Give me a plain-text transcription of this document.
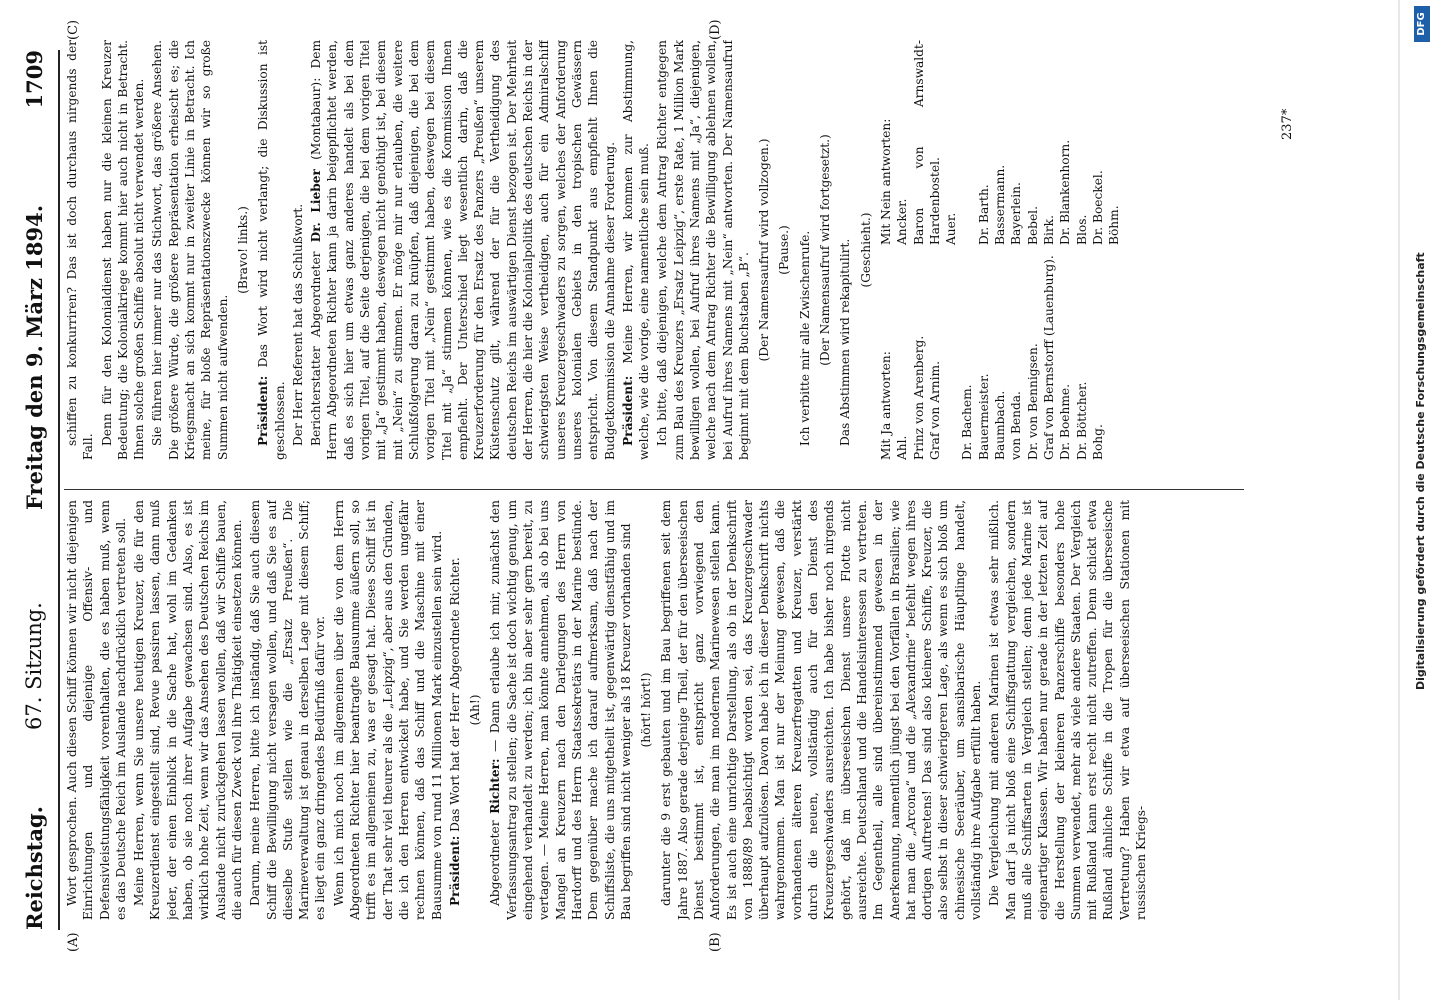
Reichstag.
67. Sitzung.
Freitag den 9. März 1894.
1709
(A)	(B)
(C)	(D)

Wort gesprochen. Auch diesen Schiff können wir nicht diejenigen Einrichtungen und diejenige Offensiv- und Defensivleistungsfähigkeit vorenthalten, die es haben muß, wenn es das Deutsche Reich im Auslande nachdrücklich vertreten soll. Meine Herren, wenn Sie unsere heutigen Kreuzer, die für den Kreuzerdienst eingestellt sind, Revue passiren lassen, dann muß jeder, der einen Einblick in die Sache hat, wohl im Gedanken haben, ob sie noch ihrer Aufgabe gewachsen sind. Also, es ist wirklich hohe Zeit, wenn wir das Ansehen des Deutschen Reichs im Auslande nicht zurückgehen lassen wollen, daß wir Schiffe bauen, die auch für diesen Zweck voll ihre Thätigkeit einsetzen können. Darum, meine Herren, bitte ich inständig, daß Sie auch diesem Schiff die Bewilligung nicht versagen wollen, und daß Sie es auf dieselbe Stufe stellen wie die „Ersatz Preußen“. Die Marineverwaltung ist genau in derselben Lage mit diesem Schiff; es liegt ein ganz dringendes Bedürfniß dafür vor. Wenn ich mich noch im allgemeinen über die von dem Herrn Abgeordneten Richter hier beantragte Bausumme äußern soll, so trifft es im allgemeinen zu, was er gesagt hat. Dieses Schiff ist in der That sehr viel theurer als die „Leipzig“, aber aus den Gründen, die ich den Herren entwickelt habe, und Sie werden ungefähr rechnen können, daß das Schiff und die Maschine mit einer Bausumme von rund 11 Millionen Mark einzustellen sein wird. Präsident: Das Wort hat der Herr Abgeordnete Richter. (Ah!)

Abgeordneter Richter: — Dann erlaube ich mir, zunächst den Verfassungsantrag zu stellen; die Sache ist doch wichtig genug, um eingehend verhandelt zu werden; ich bin aber sehr gern bereit, zu vertagen. — Meine Herren, man könnte annehmen, als ob bei uns Mangel an Kreuzern nach den Darlegungen des Herrn von Hardorff und des Herrn Staatssekretärs in der Marine bestünde. Dem gegenüber mache ich darauf aufmerksam, daß nach der Schiffsliste, die uns mitgetheilt ist, gegenwärtig dienstfähig und im Bau begriffen sind nicht weniger als 18 Kreuzer vorhanden sind (hört! hört!) darunter die 9 erst gebauten und im Bau begriffenen seit dem Jahre 1887. Also gerade derjenige Theil, der für den überseeischen Dienst bestimmt ist, entspricht ganz vorwiegend den Anforderungen, die man im modernen Marinewesen stellen kann. Es ist auch eine unrichtige Darstellung, als ob in der Denkschrift von 1888/89 beabsichtigt worden sei, das Kreuzergeschwader überhaupt aufzulösen. Davon habe ich in dieser Denkschrift nichts wahrgenommen. Man ist nur der Meinung gewesen, daß die vorhandenen älteren Kreuzerfregatten und Kreuzer, verstärkt durch die neuen, vollständig auch für den Dienst des Kreuzergeschwaders ausreichten. Ich habe bisher noch nirgends gehört, daß im überseeischen Dienst unsere Flotte nicht ausreichte. Deutschland und die Handelsinteressen zu vertreten. Im Gegentheil, alle sind übereinstimmend gewesen in der Anerkennung, namentlich jüngst bei den Vorfällen in Brasilien; wie hat man die „Arcona“ und die „Alexandrine“ befehlt wegen ihres dortigen Auftretens! Das sind also kleinere Schiffe, Kreuzer, die also selbst in dieser schwierigeren Lage, als wenn es sich bloß um chinesische Seeräuber, um sansibarische Häuptlinge handelt, vollständig ihre Aufgabe erfüllt haben. Die Vergleichung mit anderen Marinen ist etwas sehr mißlich. Man darf ja nicht bloß eine Schiffsgattung vergleichen, sondern muß alle Schiffsarten in Vergleich stellen; denn jede Marine ist eigenartiger Klassen. Wir haben nur gerade in der letzten Zeit auf die Herstellung der kleineren Panzerschiffe besonders hohe Summen verwendet, mehr als viele andere Staaten. Der Vergleich mit Rußland kann erst recht nicht zutreffen. Denn schickt etwa Rußland ähnliche Schiffe in die Tropen für die überseeische Vertretung? Haben wir etwa auf überseeischen Stationen mit russischen Kriegs-

schiffen zu konkurriren? Das ist doch durchaus nirgends der Fall.

Denn für den Kolonialdienst haben nur die kleinen Kreuzer Bedeutung; die Kolonialkriege kommt hier auch nicht in Betracht. Ihnen solche großen Schiffe absolut nicht verwendet werden. Sie führen hier immer nur das Stichwort, das größere Ansehen. Die größere Würde, die größere Repräsentation erheischt es; die Kriegsmacht an sich kommt nur in zweiter Linie in Betracht. Ich meine, für bloße Repräsentationszwecke können wir so große Summen nicht aufwenden.

(Bravo! links.)

Präsident: Das Wort wird nicht verlangt; die Diskussion ist geschlossen. Der Herr Referent hat das Schlußwort. Berichterstatter Abgeordneter Dr. Lieber (Montabaur): Dem Herrn Abgeordneten Richter kann ja darin beigepflichtet werden, daß es sich hier um etwas ganz anderes handelt als bei dem vorigen Titel, auf die Seite derjenigen, die bei dem vorigen Titel mit „Ja“ gestimmt haben, deswegen nicht genöthigt ist, bei diesem mit „Nein“ zu stimmen. Er möge mir nur erlauben, die weitere Schlußfolgerung daran zu knüpfen, daß diejenigen, die bei dem vorigen Titel mit „Nein“ gestimmt haben, deswegen bei diesem Titel mit „Ja“ stimmen können, wie es die Kommission Ihnen empfiehlt. Der Unterschied liegt wesentlich darin, daß die Kreuzerforderung für den Ersatz des Panzers „Preußen“ unserem Küstenschutz gilt, während der für die Vertheidigung des deutschen Reichs im auswärtigen Dienst bezogen ist. Der Mehrheit der Herren, die hier die Kolonialpolitik des deutschen Reichs in der schwierigsten Weise vertheidigen, auch für ein Admiralschiff unseres Kreuzergeschwaders zu sorgen, welches der Anforderung unseres kolonialen Gebiets in den tropischen Gewässern entspricht. Von diesem Standpunkt aus empfiehlt Ihnen die Budgetkommission die Annahme dieser Forderung. Präsident: Meine Herren, wir kommen zur Abstimmung, welche, wie die vorige, eine namentliche sein muß. Ich bitte, daß diejenigen, welche dem Antrag Richter entgegen zum Bau des Kreuzers „Ersatz Leipzig“, erste Rate, 1 Million Mark bewilligen wollen, bei Aufruf ihres Namens mit „Ja“, diejenigen, welche nach dem Antrag Richter die Bewilligung ablehnen wollen, bei Aufruf ihres Namens mit „Nein“ antworten. Der Namensaufruf beginnt mit dem Buchstaben „B“. (Der Namensaufruf wird vollzogen.) (Pause.) Ich verbitte mir alle Zwischenrufe. (Der Namensaufruf wird fortgesetzt.) Das Abstimmen wird rekapitulirt. (Geschieht.)

Mit Ja antworten: Ahl. Prinz von Arenberg. Graf von Arnim.
Dr. Bachem. Bauermeister. Baumbach. von Benda. Dr. von Bennigsen. Graf von Bernstorff (Lauenburg). Dr. Boehme. Dr. Böttcher. Bohg.
Mit Nein antworten: Ancker. Baron von Arnswaldt-Hardenbostel. Auer.
Dr. Barth. Bassermann. Bayerlein. Bebel. Birk. Dr. Blankenhorn. Blos. Dr. Boeckel. Böhm.
237*
DFG
Digitalisierung gefördert durch die Deutsche Forschungsgemeinschaft
